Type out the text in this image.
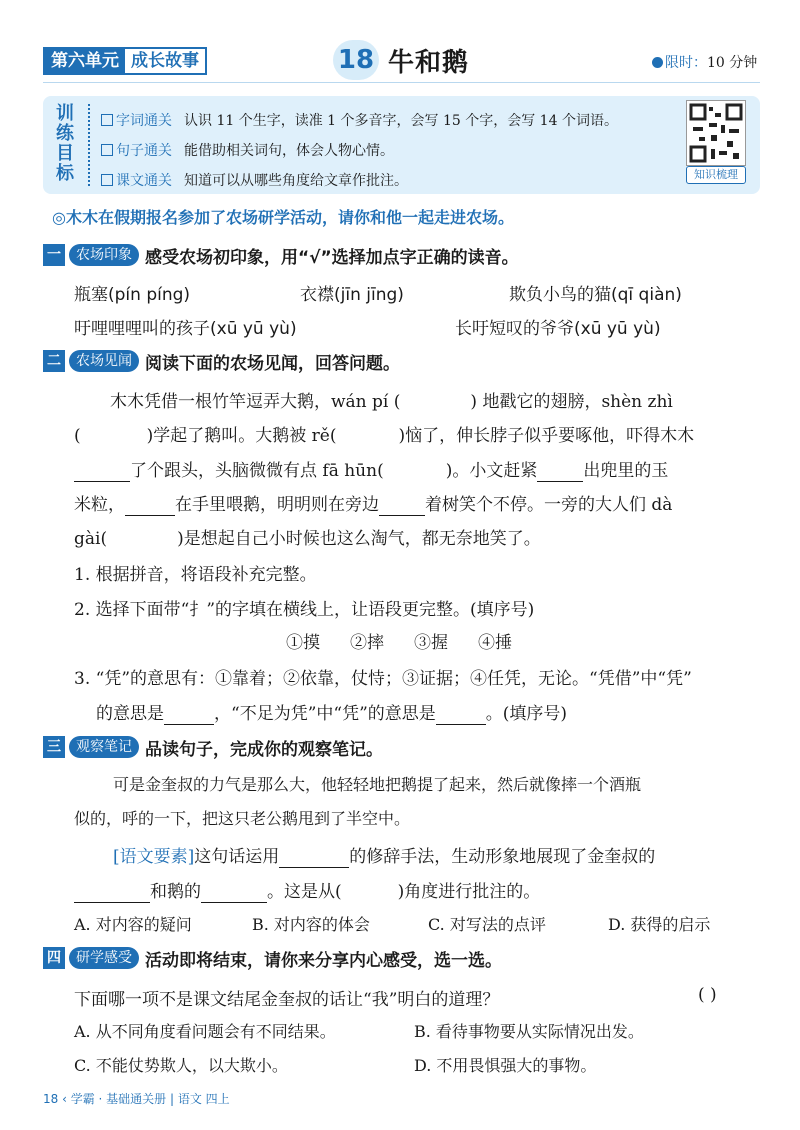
第六单元 成长故事	18 牛和鹅	限时：10 分钟
训练目标
字词通关 认识 11 个生字，读准 1 个多音字，会写 15 个字，会写 14 个词语。
句子通关 能借助相关词句，体会人物心情。
课文通关 知道可以从哪些角度给文章作批注。	知识梳理
◎木木在假期报名参加了农场研学活动，请你和他一起走进农场。
一	农场印象 感受农场初印象，用“√”选择加点字正确的读音。
瓶塞(pín píng)	衣襟(jīn jīng)	欺负小鸟的猫(qī qiàn)
吁哩哩哩叫的孩子(xū yū yù)	长吁短叹的爷爷(xū yū yù)
二	农场见闻 阅读下面的农场见闻，回答问题。
木木凭借一根竹竿逗弄大鹅，wán pí (	) 地戳它的翅膀，shèn zhì
(	)学起了鹅叫。大鹅被 rě(	)恼了，伸长脖子似乎要啄他，吓得木木
了个跟头，头脑微微有点 fā hūn(	)。小文赶紧	出兜里的玉
米粒，	在手里喂鹅，明明则在旁边	着树笑个不停。一旁的大人们 dà
gài(	)是想起自己小时候也这么淘气，都无奈地笑了。
1. 根据拼音，将语段补充完整。
2. 选择下面带“扌”的字填在横线上，让语段更完整。(填序号)
①摸 ②摔 ③握 ④捶
3. “凭”的意思有：①靠着；②依靠，仗恃；③证据；④任凭，无论。“凭借”中“凭”
的意思是	，“不足为凭”中“凭”的意思是	。(填序号)
三	观察笔记 品读句子，完成你的观察笔记。
可是金奎叔的力气是那么大，他轻轻地把鹅提了起来，然后就像摔一个酒瓶
似的，呼的一下，把这只老公鹅甩到了半空中。
[语文要素]这句话运用	的修辞手法，生动形象地展现了金奎叔的
和鹅的	。这是从(	)角度进行批注的。
A. 对内容的疑问	B. 对内容的体会	C. 对写法的点评	D. 获得的启示
四	研学感受 活动即将结束，请你来分享内心感受，选一选。
下面哪一项不是课文结尾金奎叔的话让“我”明白的道理？	( )
A. 从不同角度看问题会有不同结果。	B. 看待事物要从实际情况出发。
C. 不能仗势欺人，以大欺小。	D. 不用畏惧强大的事物。
18 ‹ 学霸 · 基础通关册 | 语文 四上
